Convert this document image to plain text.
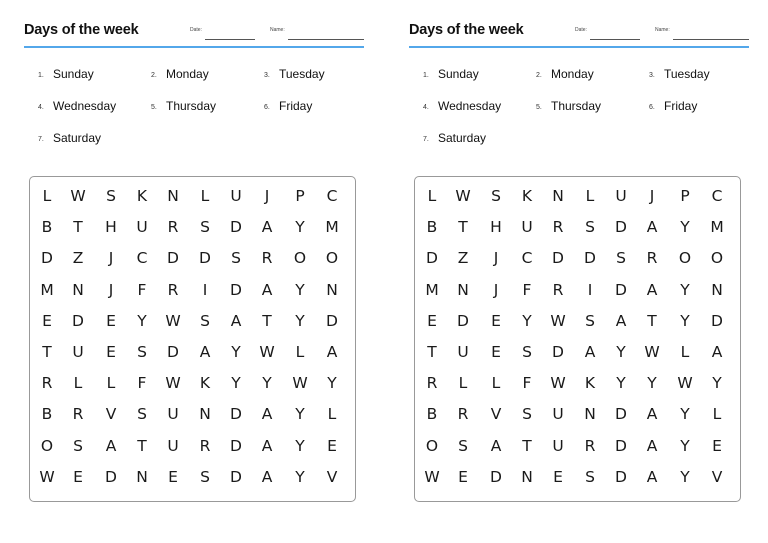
Days of the week	Date:	Name:
1. Sunday	2. Monday	3. Tuesday
4. Wednesday	5. Thursday	6. Friday
7. Saturday
L	W	S	K	N	L	U	J	P	C
B	T	H	U	R	S	D	A	Y	M
D	Z	J	C	D	D	S	R	O	O
M	N	J	F	R	I	D	A	Y	N
E	D	E	Y	W	S	A	T	Y	D
T	U	E	S	D	A	Y	W	L	A
R	L	L	F	W	K	Y	Y	W	Y
B	R	V	S	U	N	D	A	Y	L
O	S	A	T	U	R	D	A	Y	E
W	E	D	N	E	S	D	A	Y	V
Days of the week	Date:	Name:
1. Sunday	2. Monday	3. Tuesday
4. Wednesday	5. Thursday	6. Friday
7. Saturday
L	W	S	K	N	L	U	J	P	C
B	T	H	U	R	S	D	A	Y	M
D	Z	J	C	D	D	S	R	O	O
M	N	J	F	R	I	D	A	Y	N
E	D	E	Y	W	S	A	T	Y	D
T	U	E	S	D	A	Y	W	L	A
R	L	L	F	W	K	Y	Y	W	Y
B	R	V	S	U	N	D	A	Y	L
O	S	A	T	U	R	D	A	Y	E
W	E	D	N	E	S	D	A	Y	V
